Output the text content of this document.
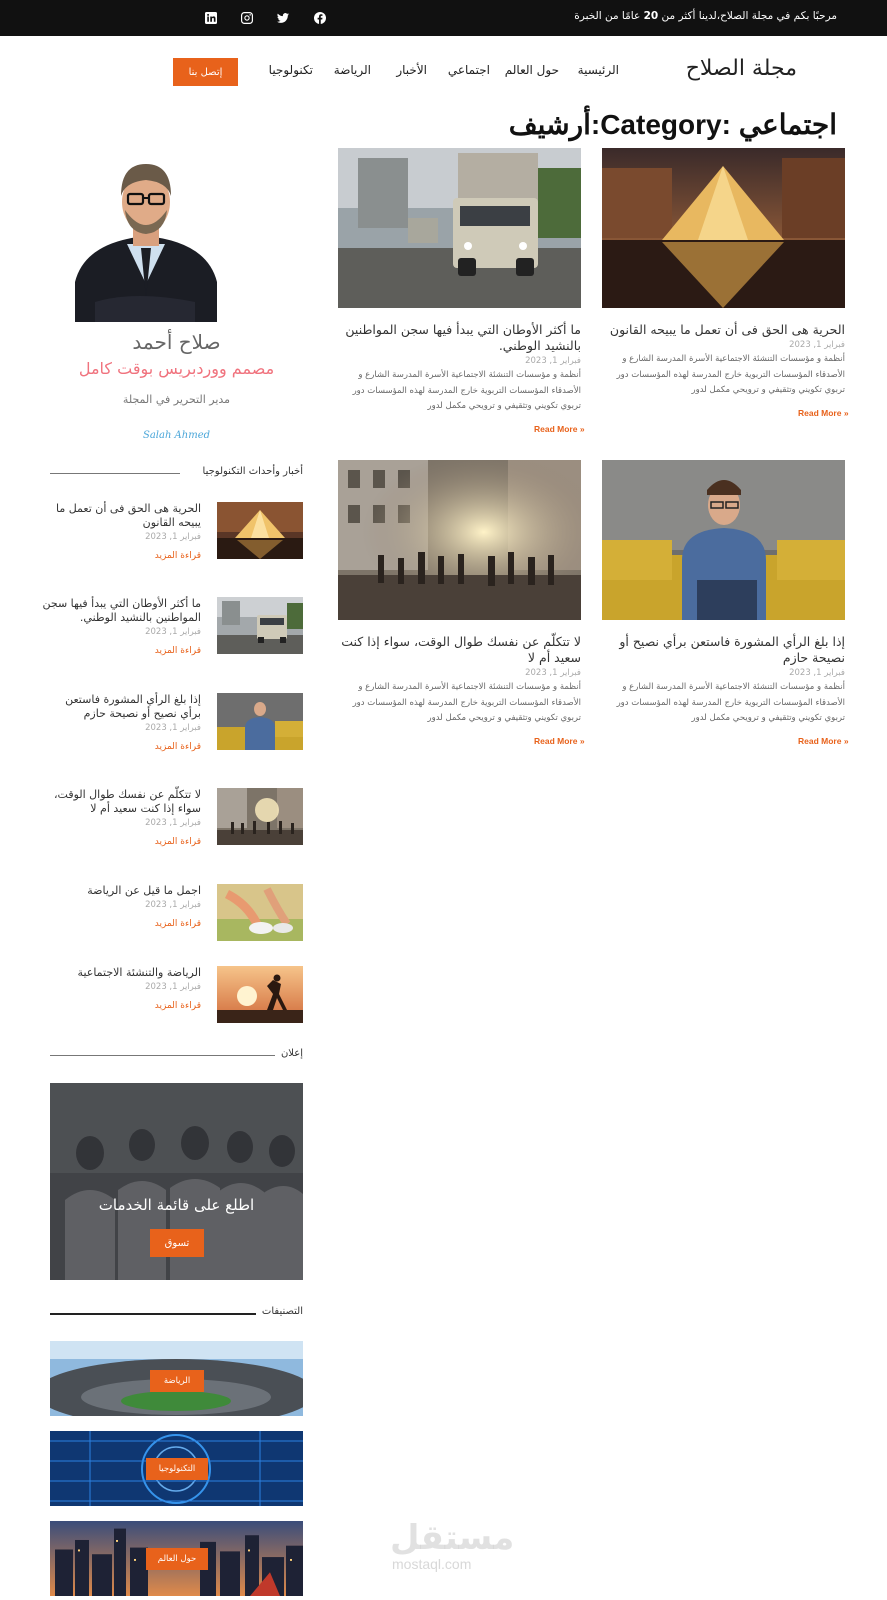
مرحبًا بكم في مجلة الصلاح،لدينا أكثر من 20 عامًا من الخبرة
مجلة الصلاح
الرئيسية
حول العالم
اجتماعي
الأخبار
الرياضة
تكنولوجيا
إتصل بنا
أرشيف:Category: اجتماعي
الحرية هى الحق فى أن تعمل ما يبيحه القانون
فبراير 1, 2023
أنظمة و مؤسسات التنشئة الاجتماعية الأسرة المدرسة الشارع و الأصدقاء المؤسسات التربوية خارج المدرسة لهذه المؤسسات دور تربوي تكويني وتثقيفي و ترويحي مكمل لدور
Read More »
ما أكثر الأوطان التي يبدأ فيها سجن المواطنين بالنشيد الوطني.
فبراير 1, 2023
أنظمة و مؤسسات التنشئة الاجتماعية الأسرة المدرسة الشارع و الأصدقاء المؤسسات التربوية خارج المدرسة لهذه المؤسسات دور تربوي تكويني وتثقيفي و ترويحي مكمل لدور
Read More »
إذا بلغ الرأي المشورة فاستعن برأي نصيح أو نصيحة حازم
فبراير 1, 2023
أنظمة و مؤسسات التنشئة الاجتماعية الأسرة المدرسة الشارع و الأصدقاء المؤسسات التربوية خارج المدرسة لهذه المؤسسات دور تربوي تكويني وتثقيفي و ترويحي مكمل لدور
Read More »
لا تتكلّم عن نفسك طوال الوقت، سواء إذا كنت سعيد أم لا
فبراير 1, 2023
أنظمة و مؤسسات التنشئة الاجتماعية الأسرة المدرسة الشارع و الأصدقاء المؤسسات التربوية خارج المدرسة لهذه المؤسسات دور تربوي تكويني وتثقيفي و ترويحي مكمل لدور
Read More »
صلاح أحمد
مصمم ووردبريس بوقت كامل
مدير التحرير في المجلة
Salah Ahmed
أخبار وأحداث التكنولوجيا
الحرية هى الحق فى أن تعمل ما يبيحه القانون
فبراير 1, 2023
قراءة المزيد
ما أكثر الأوطان التي يبدأ فيها سجن المواطنين بالنشيد الوطني.
فبراير 1, 2023
قراءة المزيد
إذا بلغ الرأي المشورة فاستعن برأي نصيح أو نصيحة حازم
فبراير 1, 2023
قراءة المزيد
لا تتكلّم عن نفسك طوال الوقت، سواء إذا كنت سعيد أم لا
فبراير 1, 2023
قراءة المزيد
اجمل ما قيل عن الرياضة
فبراير 1, 2023
قراءة المزيد
الرياضة والتنشئة الاجتماعية
فبراير 1, 2023
قراءة المزيد
إعلان
اطلع على قائمة الخدمات
تسوق
التصنيفات
الرياضة
التكنولوجيا
حول العالم
مستقل
mostaql.com
